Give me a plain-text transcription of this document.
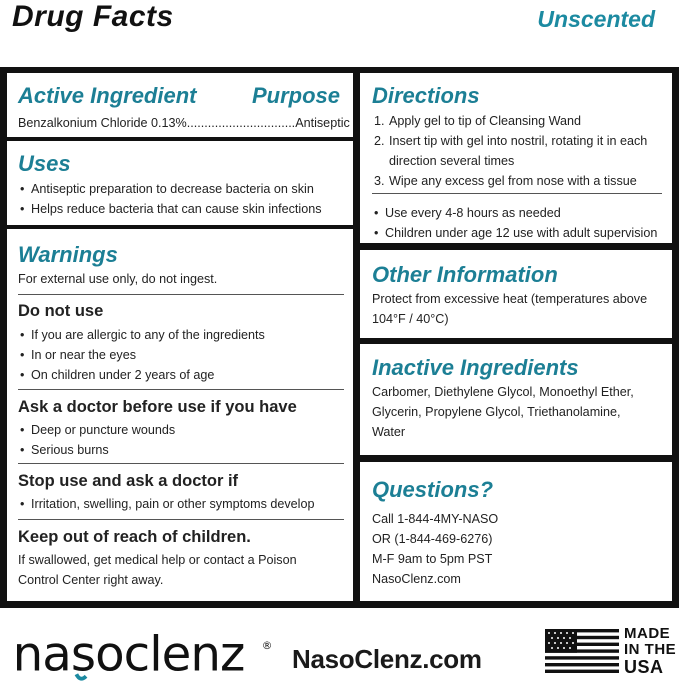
Drug Facts	Unscented
Active Ingredient	Purpose
Benzalkonium Chloride 0.13%...............................Antiseptic
Uses
• Antiseptic preparation to decrease bacteria on skin
• Helps reduce bacteria that can cause skin infections
Warnings
For external use only, do not ingest.
Do not use
• If you are allergic to any of the ingredients
• In or near the eyes
• On children under 2 years of age
Ask a doctor before use if you have
• Deep or puncture wounds
• Serious burns
Stop use and ask a doctor if
• Irritation, swelling, pain or other symptoms develop
Keep out of reach of children.
If swallowed, get medical help or contact a Poison
Control Center right away.
Directions
1. Apply gel to tip of Cleansing Wand
2. Insert tip with gel into nostril, rotating it in each
direction several times
3. Wipe any excess gel from nose with a tissue
• Use every 4-8 hours as needed
• Children under age 12 use with adult supervision
Other Information
Protect from excessive heat (temperatures above
104°F / 40°C)
Inactive Ingredients
Carbomer, Diethylene Glycol, Monoethyl Ether,
Glycerin, Propylene Glycol, Triethanolamine,
Water
Questions?
Call 1-844-4MY-NASO
OR (1-844-469-6276)
M-F 9am to 5pm PST
NasoClenz.com
nasoclenz ® NasoClenz.com
MADE
IN THE
USA
